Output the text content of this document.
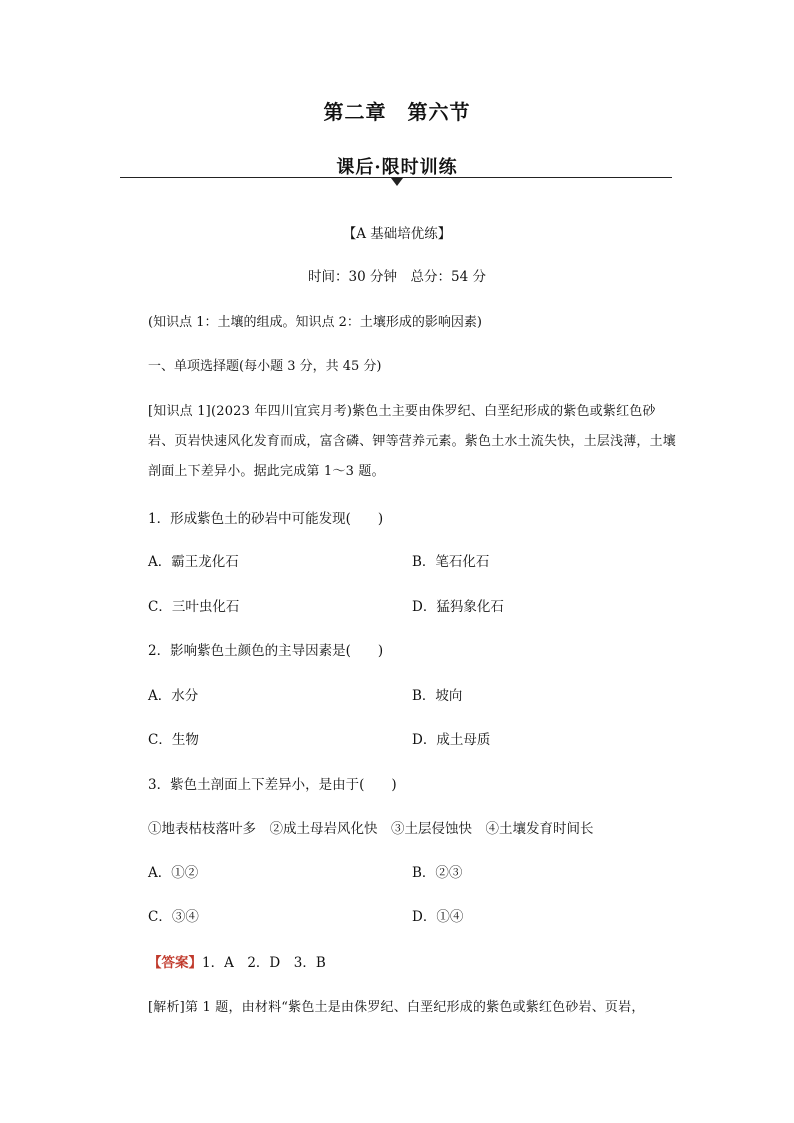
第二章　第六节
课后·限时训练
【A 基础培优练】
时间：30 分钟　总分：54 分
(知识点 1：土壤的组成。知识点 2：土壤形成的影响因素)
一、单项选择题(每小题 3 分，共 45 分)
[知识点 1](2023 年四川宜宾月考)紫色土主要由侏罗纪、白垩纪形成的紫色或紫红色砂
岩、页岩快速风化发育而成，富含磷、钾等营养元素。紫色土水土流失快，土层浅薄，土壤
剖面上下差异小。据此完成第 1～3 题。
1．形成紫色土的砂岩中可能发现(　　)
A．霸王龙化石	B．笔石化石
C．三叶虫化石	D．猛犸象化石
2．影响紫色土颜色的主导因素是(　　)
A．水分	B．坡向
C．生物	D．成土母质
3．紫色土剖面上下差异小，是由于(　　)
①地表枯枝落叶多　②成土母岩风化快　③土层侵蚀快　④土壤发育时间长
A．①②	B．②③
C．③④	D．①④
【答案】1．A　2．D　3．B
[解析]第 1 题，由材料“紫色土是由侏罗纪、白垩纪形成的紫色或紫红色砂岩、页岩，
